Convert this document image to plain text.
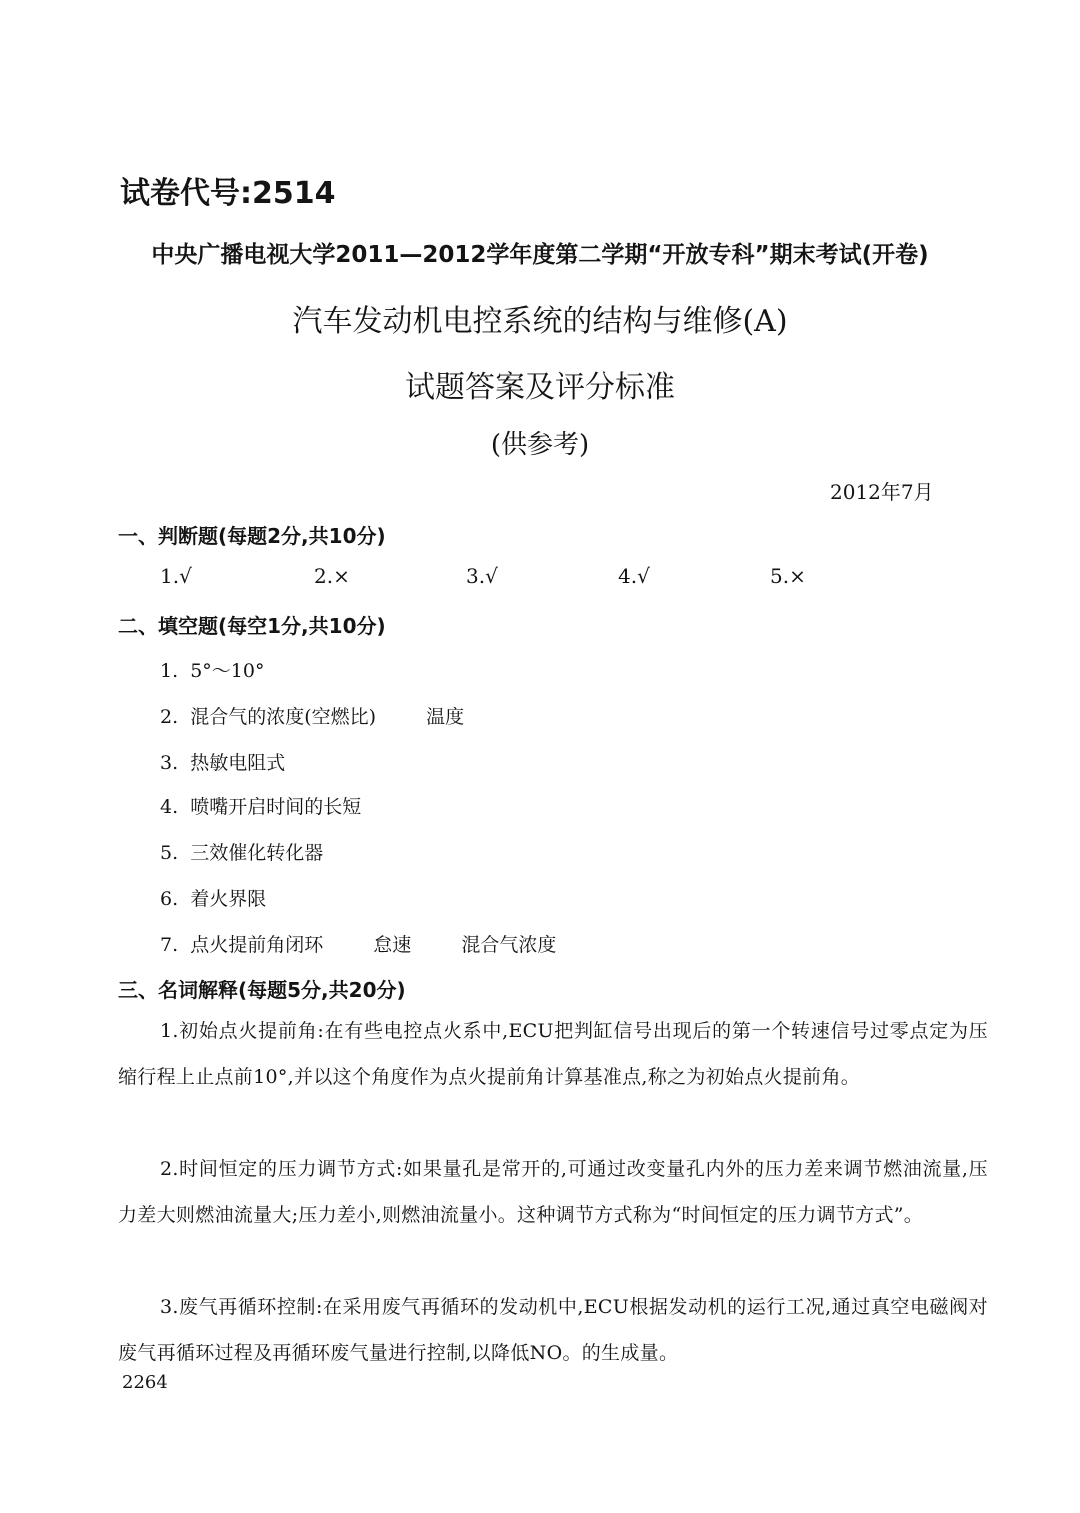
试卷代号:2514
中央广播电视大学2011—2012学年度第二学期“开放专科”期末考试(开卷)
汽车发动机电控系统的结构与维修(A)
试题答案及评分标准
(供参考)
2012年7月
一、判断题(每题2分,共10分)
1.√	2.×	3.√	4.√	5.×
二、填空题(每空1分,共10分)
1. 5°～10°
2. 混合气的浓度(空燃比)	温度
3. 热敏电阻式
4. 喷嘴开启时间的长短
5. 三效催化转化器
6. 着火界限
7. 点火提前角闭环	怠速	混合气浓度
三、名词解释(每题5分,共20分)
1.初始点火提前角:在有些电控点火系中,ECU把判缸信号出现后的第一个转速信号过零点定为压缩行程上止点前10°,并以这个角度作为点火提前角计算基准点,称之为初始点火提前角。
2.时间恒定的压力调节方式:如果量孔是常开的,可通过改变量孔内外的压力差来调节燃油流量,压力差大则燃油流量大;压力差小,则燃油流量小。这种调节方式称为“时间恒定的压力调节方式”。
3.废气再循环控制:在采用废气再循环的发动机中,ECU根据发动机的运行工况,通过真空电磁阀对废气再循环过程及再循环废气量进行控制,以降低NO。的生成量。
2264
